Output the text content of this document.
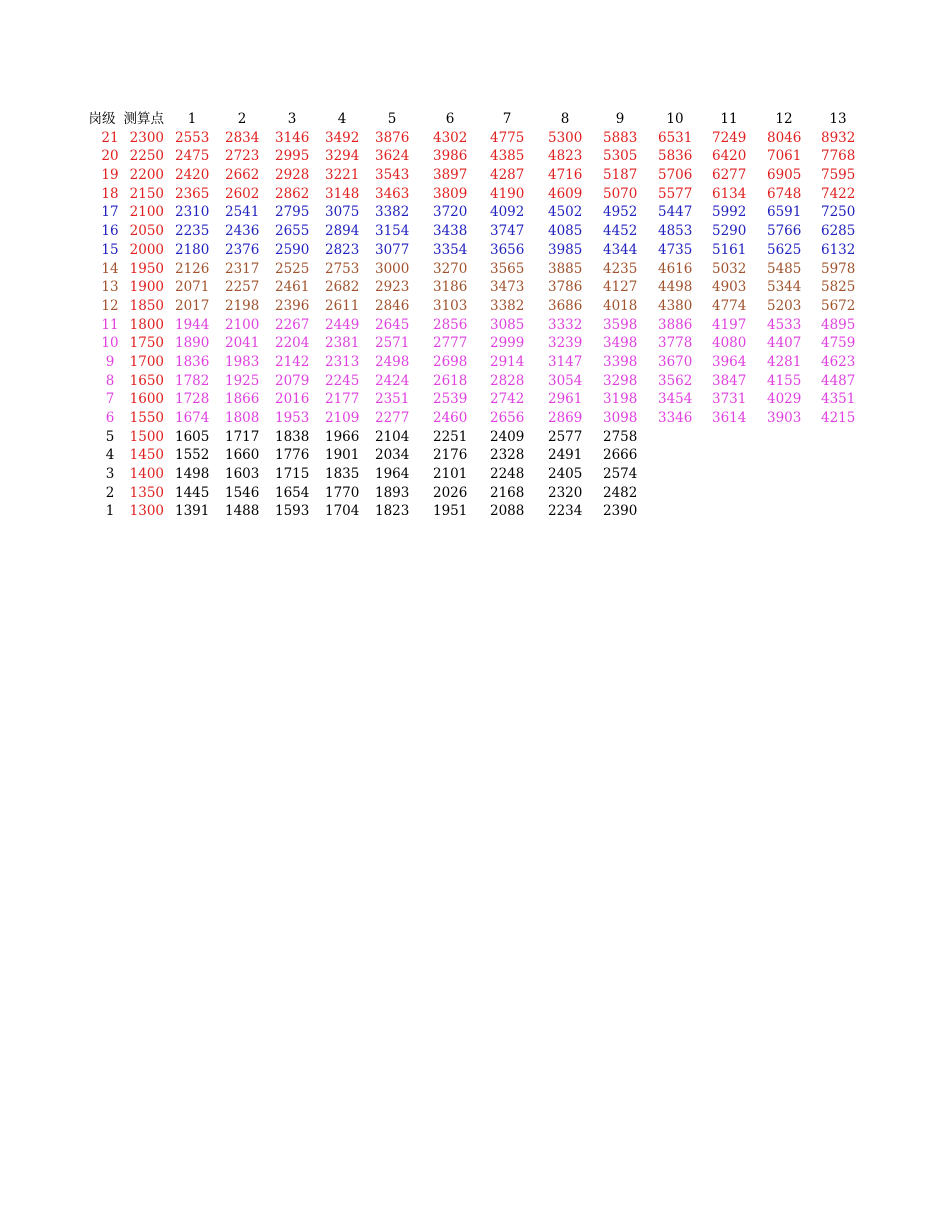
岗级 测算点	1	2	3	4	5	6	7	8	9	10	11	12	13
21 2300 2553 2834 3146 3492 3876 4302 4775 5300 5883 6531 7249 8046 8932
20 2250 2475 2723 2995 3294 3624 3986 4385 4823 5305 5836 6420 7061 7768
19 2200 2420 2662 2928 3221 3543 3897 4287 4716 5187 5706 6277 6905 7595
18 2150 2365 2602 2862 3148 3463 3809 4190 4609 5070 5577 6134 6748 7422
17 2100 2310 2541 2795 3075 3382 3720 4092 4502 4952 5447 5992 6591 7250
16 2050 2235 2436 2655 2894 3154 3438 3747 4085 4452 4853 5290 5766 6285
15 2000 2180 2376 2590 2823 3077 3354 3656 3985 4344 4735 5161 5625 6132
14 1950 2126 2317 2525 2753 3000 3270 3565 3885 4235 4616 5032 5485 5978
13 1900 2071 2257 2461 2682 2923 3186 3473 3786 4127 4498 4903 5344 5825
12 1850 2017 2198 2396 2611 2846 3103 3382 3686 4018 4380 4774 5203 5672
11 1800 1944 2100 2267 2449 2645 2856 3085 3332 3598 3886 4197 4533 4895
10 1750 1890 2041 2204 2381 2571 2777 2999 3239 3498 3778 4080 4407 4759
9	1700 1836 1983 2142 2313 2498 2698 2914 3147 3398 3670 3964 4281 4623
8	1650 1782 1925 2079 2245 2424 2618 2828 3054 3298 3562 3847 4155 4487
7	1600 1728 1866 2016 2177 2351 2539 2742 2961 3198 3454 3731 4029 4351
6	1550 1674 1808 1953 2109 2277 2460 2656 2869 3098 3346 3614 3903 4215
5	1500 1605 1717 1838 1966 2104 2251 2409 2577 2758
4	1450 1552 1660 1776 1901 2034 2176 2328 2491 2666
3	1400 1498 1603 1715 1835 1964 2101 2248 2405 2574
2	1350 1445 1546 1654 1770 1893 2026 2168 2320 2482
1	1300 1391 1488 1593 1704 1823 1951 2088 2234 2390
